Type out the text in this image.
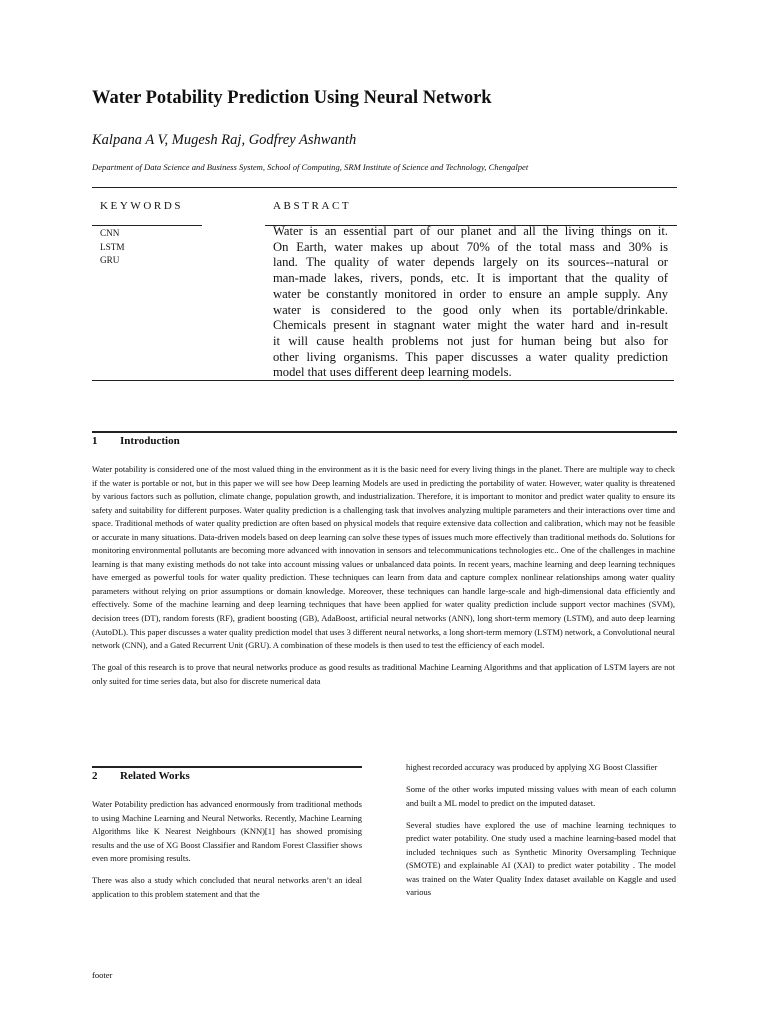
Water Potability Prediction Using Neural Network
Kalpana A V, Mugesh Raj, Godfrey Ashwanth
Department of Data Science and Business System, School of Computing, SRM Institute of Science and Technology, Chengalpet
KEYWORDS
CNN
LSTM
GRU
ABSTRACT
Water is an essential part of our planet and all the living things on it.
On Earth, water makes up about 70% of the total mass and 30% is
land. The quality of water depends largely on its sources--natural or
man-made lakes, rivers, ponds, etc. It is important that the quality of
water be constantly monitored in order to ensure an ample supply. Any
water is considered to the good only when its portable/drinkable.
Chemicals present in stagnant water might the water hard and in-result
it will cause health problems not just for human being but also for
other living organisms. This paper discusses a water quality prediction
model that uses different deep learning models.
1 Introduction

Water potability is considered one of the most valued thing in the environment as it is the basic need for every living things in the planet. There are multiple way to check if the water is portable or not, but in this paper we will see how Deep learning Models are used in predicting the portability of water. However, water quality is threatened by various factors such as pollution, climate change, population growth, and industrialization. Therefore, it is important to monitor and predict water quality to ensure its safety and suitability for different purposes. Water quality prediction is a challenging task that involves analyzing multiple parameters and their interactions over time and space. Traditional methods of water quality prediction are often based on physical models that require extensive data collection and calibration, which may not be feasible or accurate in many situations. Data-driven models based on deep learning can solve these types of issues much more effectively than traditional methods do. Solutions for monitoring environmental pollutants are becoming more advanced with innovation in sensors and telecommunications technologies etc.. One of the challenges in machine learning is that many existing methods do not take into account missing values or unbalanced data points. In recent years, machine learning and deep learning techniques have emerged as powerful tools for water quality prediction. These techniques can learn from data and capture complex nonlinear relationships among water quality parameters without relying on prior assumptions or domain knowledge. Moreover, these techniques can handle large-scale and high-dimensional data efficiently and effectively. Some of the machine learning and deep learning techniques that have been applied for water quality prediction include support vector machines (SVM), decision trees (DT), random forests (RF), gradient boosting (GB), AdaBoost, artificial neural networks (ANN), long short-term memory (LSTM), and auto deep learning (AutoDL). This paper discusses a water quality prediction model that uses 3 different neural networks, a long short-term memory (LSTM) network, a Convolutional neural network (CNN), and a Gated Recurrent Unit (GRU). A combination of these models is then used to test the efficiency of each model.

The goal of this research is to prove that neural networks produce as good results as traditional Machine Learning Algorithms and that application of LSTM layers are not only suited for time series data, but also for discrete numerical data

2 Related Works

Water Potability prediction has advanced enormously from traditional methods to using Machine Learning and Neural Networks. Recently, Machine Learning Algorithms like K Nearest Neighbours (KNN)[1] has showed promising results and the use of XG Boost Classifier and Random Forest Classifier shows even more promising results.

There was also a study which concluded that neural networks aren’t an ideal application to this problem statement and that the

highest recorded accuracy was produced by applying XG Boost Classifier

Some of the other works imputed missing values with mean of each column and built a ML model to predict on the imputed dataset.

Several studies have explored the use of machine learning techniques to predict water potability. One study used a machine learning-based model that included techniques such as Synthetic Minority Oversampling Technique (SMOTE) and explainable AI (XAI) to predict water potability . The model was trained on the Water Quality Index dataset available on Kaggle and used various

footer
